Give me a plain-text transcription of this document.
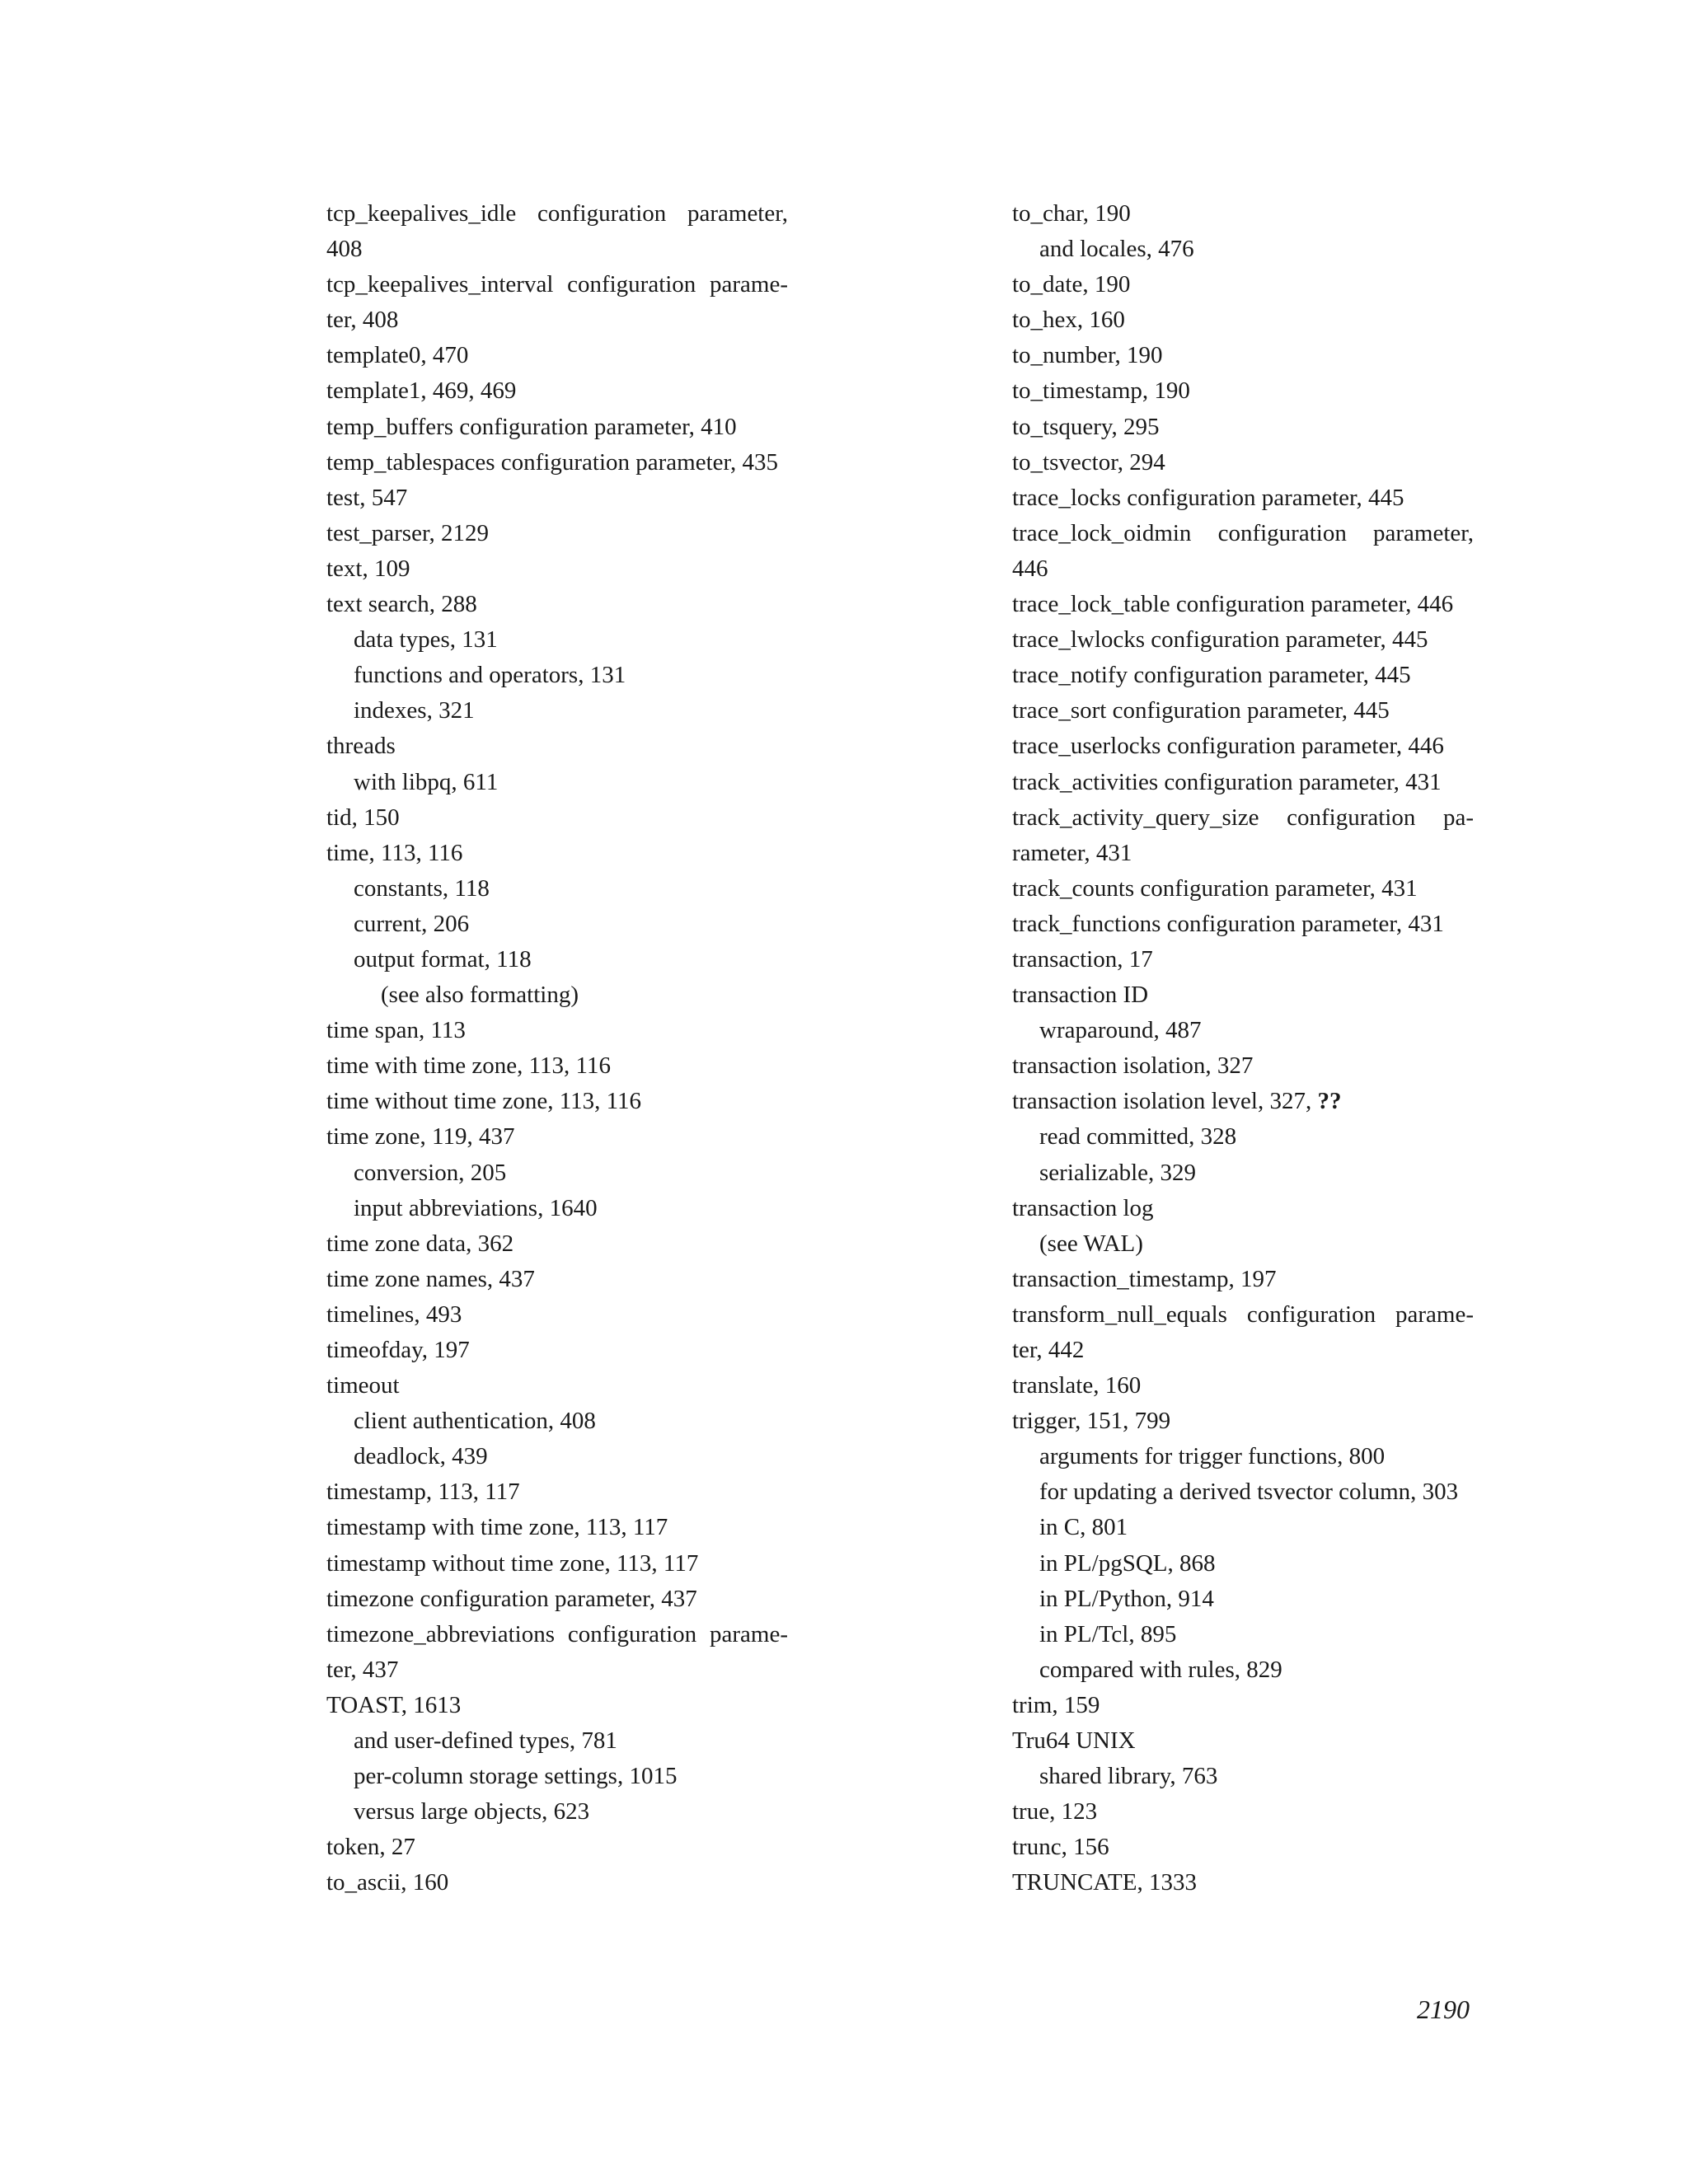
tcp_keepalives_idle configuration parameter,
408
tcp_keepalives_interval configuration parame-
ter, 408
template0, 470
template1, 469, 469
temp_buffers configuration parameter, 410
temp_tablespaces configuration parameter, 435
test, 547
test_parser, 2129
text, 109
text search, 288
data types, 131
functions and operators, 131
indexes, 321
threads
with libpq, 611
tid, 150
time, 113, 116
constants, 118
current, 206
output format, 118
(see also formatting)
time span, 113
time with time zone, 113, 116
time without time zone, 113, 116
time zone, 119, 437
conversion, 205
input abbreviations, 1640
time zone data, 362
time zone names, 437
timelines, 493
timeofday, 197
timeout
client authentication, 408
deadlock, 439
timestamp, 113, 117
timestamp with time zone, 113, 117
timestamp without time zone, 113, 117
timezone configuration parameter, 437
timezone_abbreviations configuration parame-
ter, 437
TOAST, 1613
and user-defined types, 781
per-column storage settings, 1015
versus large objects, 623
token, 27
to_ascii, 160
to_char, 190
and locales, 476
to_date, 190
to_hex, 160
to_number, 190
to_timestamp, 190
to_tsquery, 295
to_tsvector, 294
trace_locks configuration parameter, 445
trace_lock_oidmin configuration parameter,
446
trace_lock_table configuration parameter, 446
trace_lwlocks configuration parameter, 445
trace_notify configuration parameter, 445
trace_sort configuration parameter, 445
trace_userlocks configuration parameter, 446
track_activities configuration parameter, 431
track_activity_query_size configuration pa-
rameter, 431
track_counts configuration parameter, 431
track_functions configuration parameter, 431
transaction, 17
transaction ID
wraparound, 487
transaction isolation, 327
transaction isolation level, 327, ??
read committed, 328
serializable, 329
transaction log
(see WAL)
transaction_timestamp, 197
transform_null_equals configuration parame-
ter, 442
translate, 160
trigger, 151, 799
arguments for trigger functions, 800
for updating a derived tsvector column, 303
in C, 801
in PL/pgSQL, 868
in PL/Python, 914
in PL/Tcl, 895
compared with rules, 829
trim, 159
Tru64 UNIX
shared library, 763
true, 123
trunc, 156
TRUNCATE, 1333
2190
